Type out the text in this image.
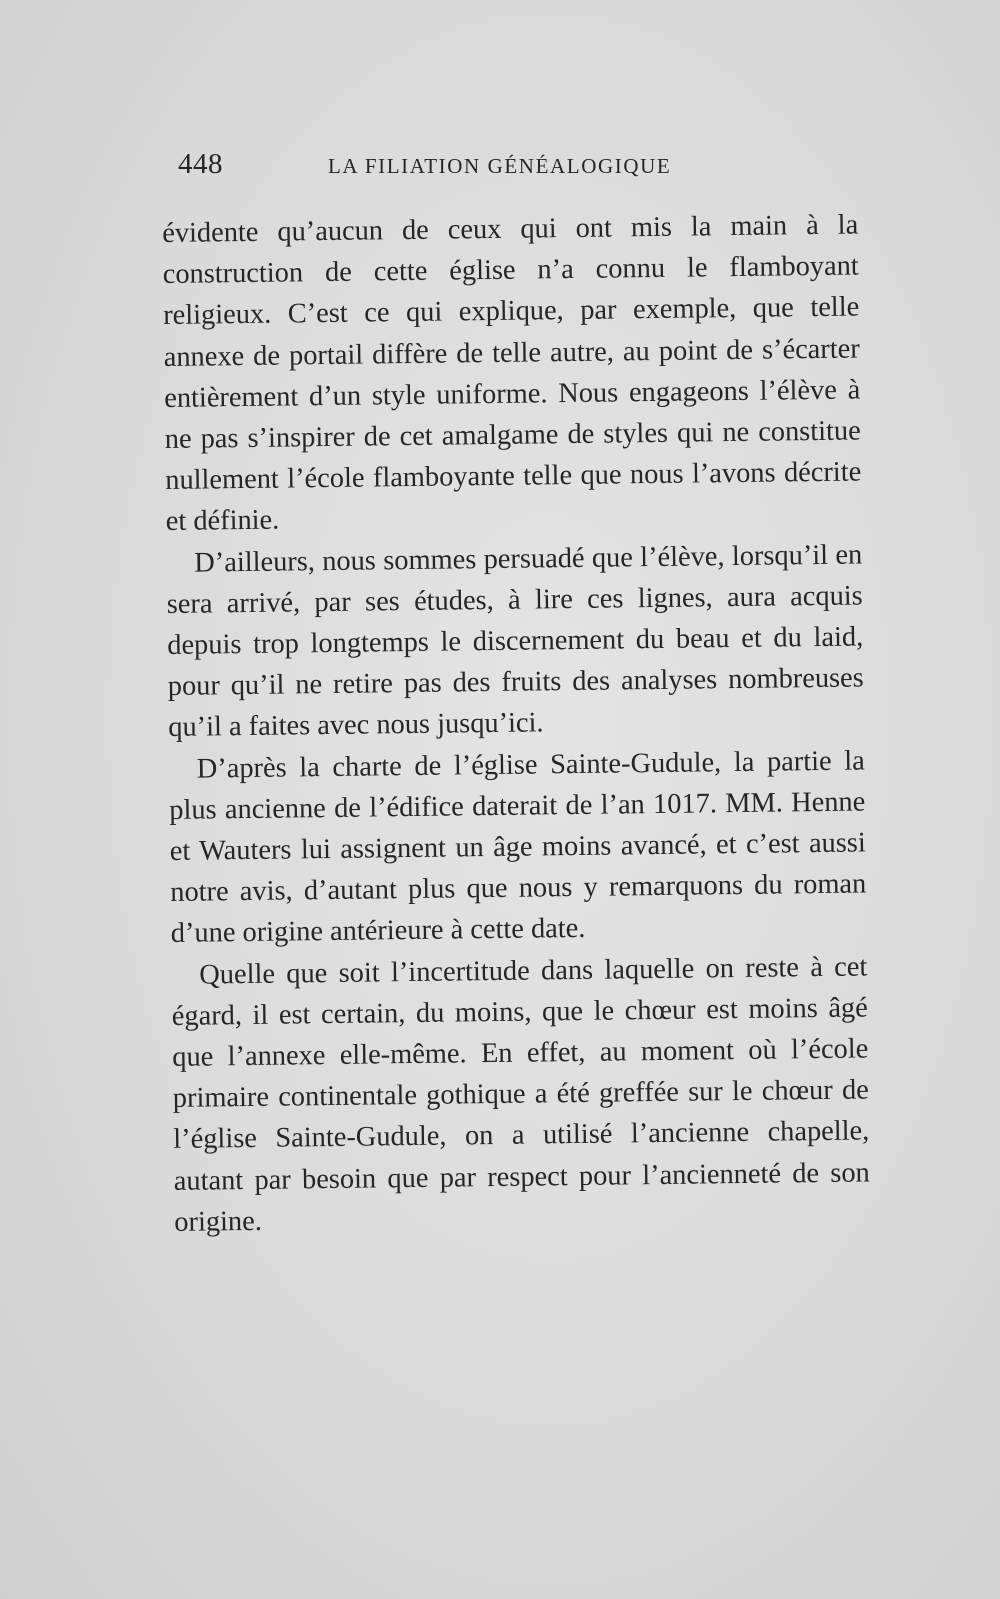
448	LA FILIATION GÉNÉALOGIQUE

évidente qu’aucun de ceux qui ont mis la main à la construction de cette église n’a connu le flamboyant religieux. C’est ce qui explique, par exemple, que telle annexe de portail diffère de telle autre, au point de s’écarter entièrement d’un style uniforme. Nous engageons l’élève à ne pas s’inspirer de cet amalgame de styles qui ne constitue nullement l’école flamboyante telle que nous l’avons décrite et définie.

D’ailleurs, nous sommes persuadé que l’élève, lorsqu’il en sera arrivé, par ses études, à lire ces lignes, aura acquis depuis trop longtemps le discernement du beau et du laid, pour qu’il ne retire pas des fruits des analyses nombreuses qu’il a faites avec nous jusqu’ici.

D’après la charte de l’église Sainte-Gudule, la partie la plus ancienne de l’édifice daterait de l’an 1017. MM. Henne et Wauters lui assignent un âge moins avancé, et c’est aussi notre avis, d’autant plus que nous y remarquons du roman d’une origine antérieure à cette date.

Quelle que soit l’incertitude dans laquelle on reste à cet égard, il est certain, du moins, que le chœur est moins âgé que l’annexe elle-même. En effet, au moment où l’école primaire continentale gothique a été greffée sur le chœur de l’église Sainte-Gudule, on a utilisé l’ancienne chapelle, autant par besoin que par respect pour l’ancienneté de son origine.
